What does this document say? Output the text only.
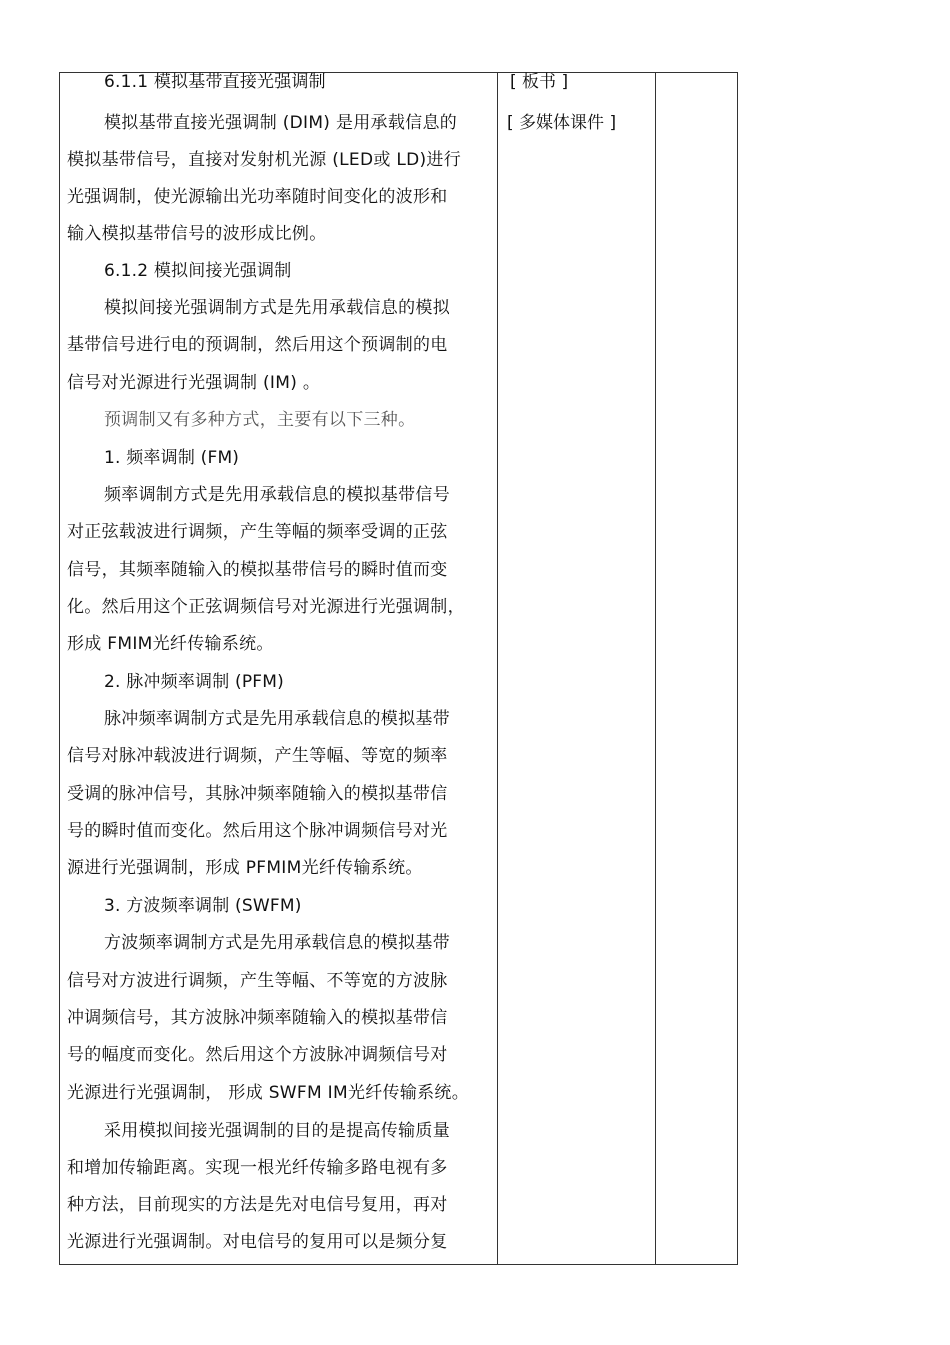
6.1.1 模拟基带直接光强调制
模拟基带直接光强调制 (DIM) 是用承载信息的
模拟基带信号，直接对发射机光源 (LED或 LD)进行
光强调制，使光源输出光功率随时间变化的波形和
输入模拟基带信号的波形成比例。
6.1.2 模拟间接光强调制
模拟间接光强调制方式是先用承载信息的模拟
基带信号进行电的预调制，然后用这个预调制的电
信号对光源进行光强调制 (IM) 。
预调制又有多种方式，主要有以下三种。
1. 频率调制 (FM)
频率调制方式是先用承载信息的模拟基带信号
对正弦载波进行调频，产生等幅的频率受调的正弦
信号，其频率随输入的模拟基带信号的瞬时值而变
化。然后用这个正弦调频信号对光源进行光强调制，
形成 FMIM光纤传输系统。
2. 脉冲频率调制 (PFM)
脉冲频率调制方式是先用承载信息的模拟基带
信号对脉冲载波进行调频，产生等幅、等宽的频率
受调的脉冲信号，其脉冲频率随输入的模拟基带信
号的瞬时值而变化。然后用这个脉冲调频信号对光
源进行光强调制，形成 PFMIM光纤传输系统。
3. 方波频率调制 (SWFM)
方波频率调制方式是先用承载信息的模拟基带
信号对方波进行调频，产生等幅、不等宽的方波脉
冲调频信号，其方波脉冲频率随输入的模拟基带信
号的幅度而变化。然后用这个方波脉冲调频信号对
光源进行光强调制， 形成 SWFM IM光纤传输系统。
采用模拟间接光强调制的目的是提高传输质量
和增加传输距离。实现一根光纤传输多路电视有多
种方法，目前现实的方法是先对电信号复用，再对
光源进行光强调制。对电信号的复用可以是频分复
[ 板书 ]
[ 多媒体课件 ]
